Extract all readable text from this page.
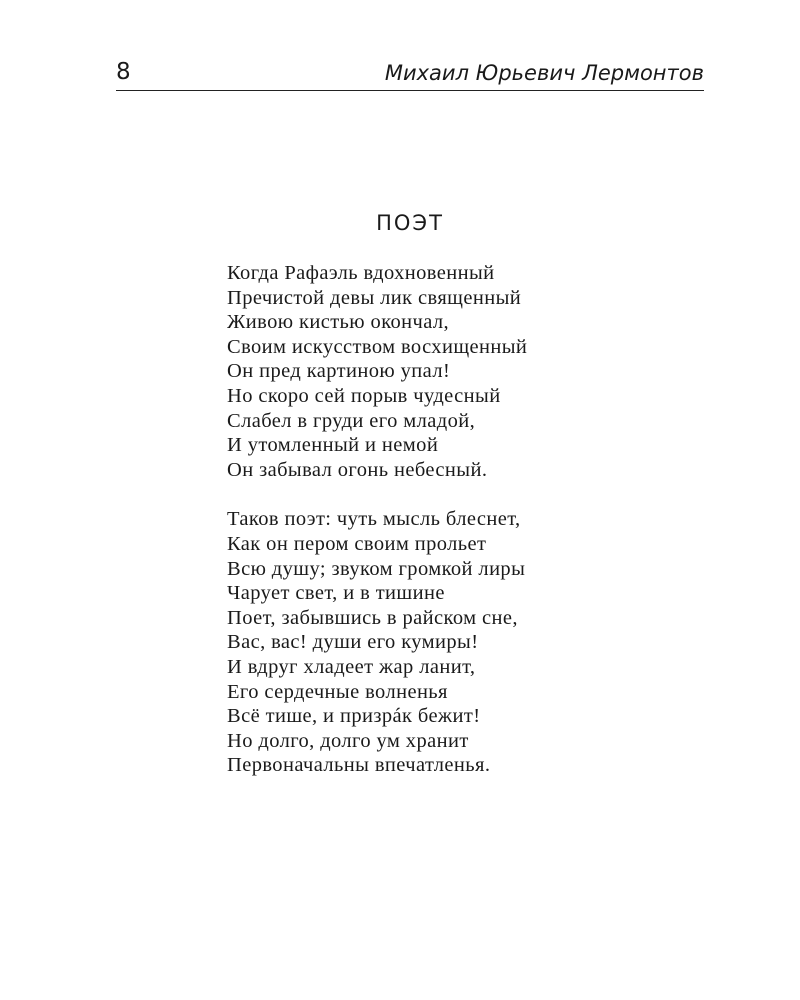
8	Михаил Юрьевич Лермонтов
ПОЭТ
Когда Рафаэль вдохновенный
Пречистой девы лик священный
Живою кистью окончал,
Своим искусством восхищенный
Он пред картиною упал!
Но скоро сей порыв чудесный
Слабел в груди его младой,
И утомленный и немой
Он забывал огонь небесный.
Таков поэт: чуть мысль блеснет,
Как он пером своим прольет
Всю душу; звуком громкой лиры
Чарует свет, и в тишине
Поет, забывшись в райском сне,
Вас, вас! души его кумиры!
И вдруг хладеет жар ланит,
Его сердечные волненья
Всё тише, и призрáк бежит!
Но долго, долго ум хранит
Первоначальны впечатленья.
